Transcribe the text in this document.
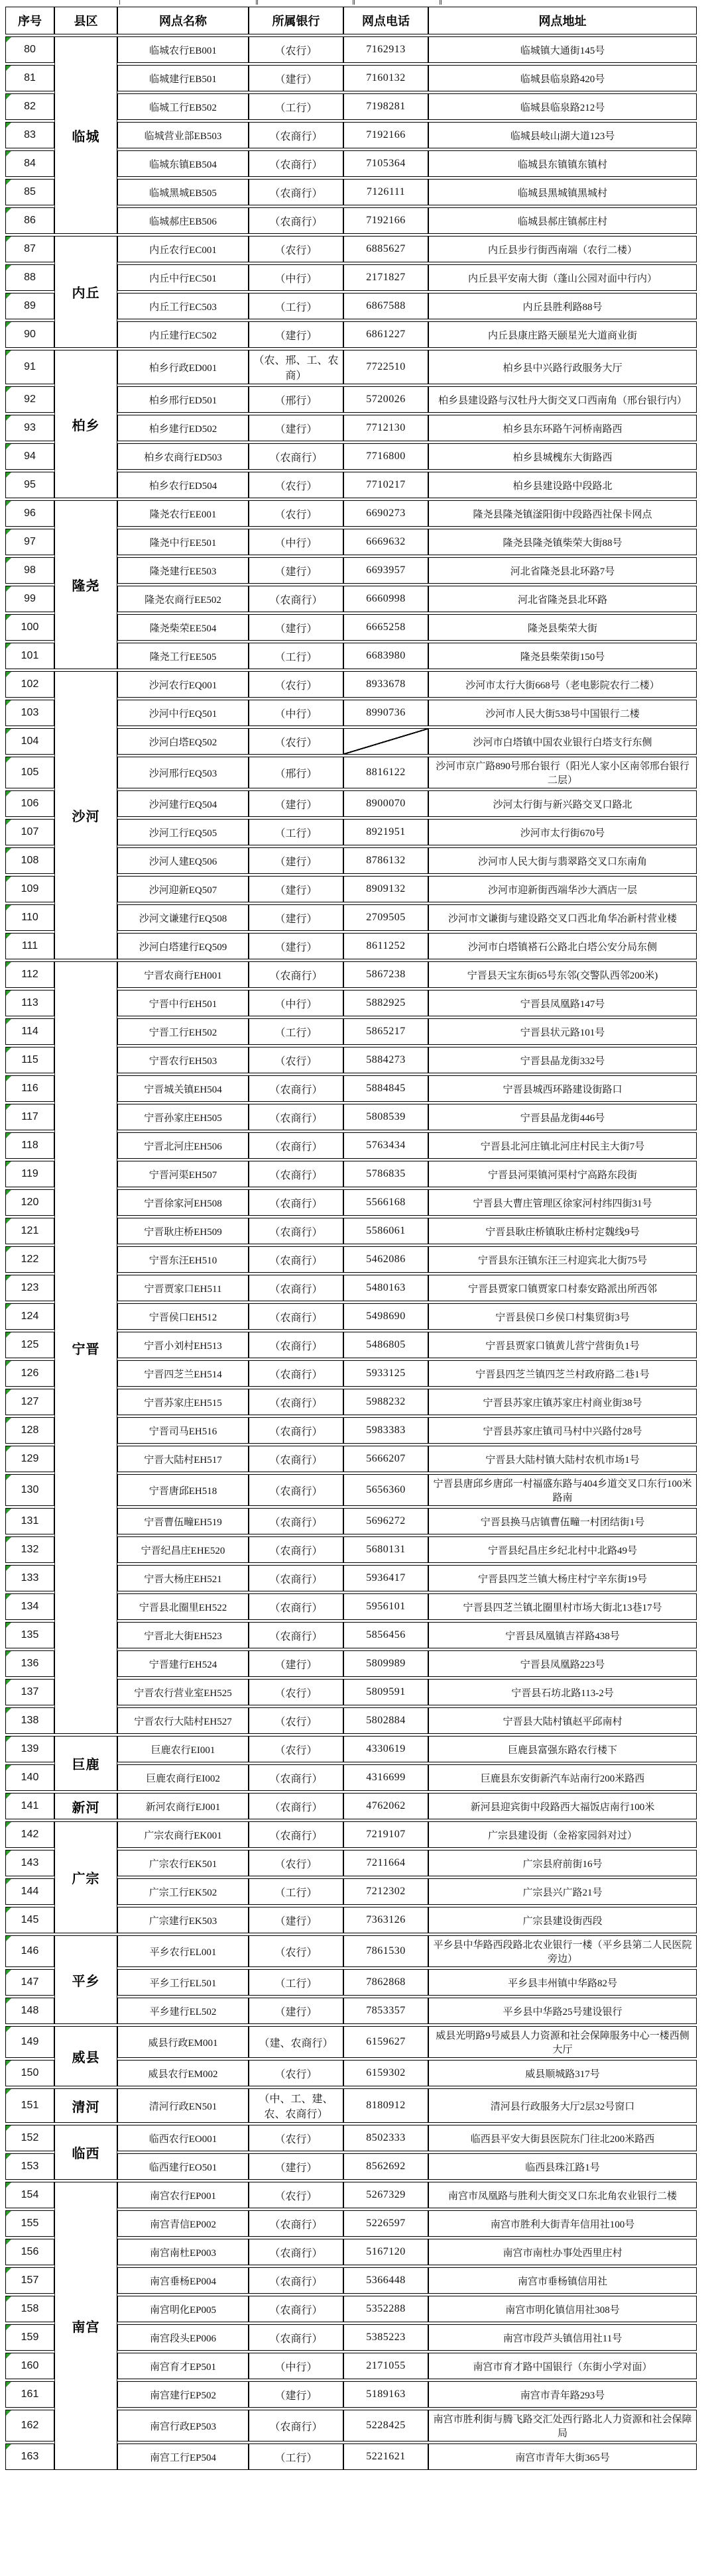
序号	县区	网点名称	所属银行	网点电话	网点地址
80	临城	临城农行EB001	（农行）	7162913	临城镇大通街145号
81		临城建行EB501	（建行）	7160132	临城县临泉路420号
82		临城工行EB502	（工行）	7198281	临城县临泉路212号
83		临城营业部EB503	（农商行）	7192166	临城县岐山湖大道123号
84		临城东镇EB504	（农商行）	7105364	临城县东镇镇东镇村
85		临城黑城EB505	（农商行）	7126111	临城县黑城镇黑城村
86		临城郝庄EB506	（农商行）	7192166	临城县郝庄镇郝庄村
87	内丘	内丘农行EC001	（农行）	6885627	内丘县步行街西南端（农行二楼）
88		内丘中行EC501	（中行）	2171827	内丘县平安南大街（蓬山公园对面中行内）
89		内丘工行EC503	（工行）	6867588	内丘县胜利路88号
90		内丘建行EC502	（建行）	6861227	内丘县康庄路天颐星光大道商业街
91	柏乡	柏乡行政ED001	（农、邢、工、农商）	7722510	柏乡县中兴路行政服务大厅
92		柏乡邢行ED501	（邢行）	5720026	柏乡县建设路与汉牡丹大街交叉口西南角（邢台银行内）
93		柏乡建行ED502	（建行）	7712130	柏乡县东环路午河桥南路西
94		柏乡农商行ED503	（农商行）	7716800	柏乡县城槐东大街路西
95		柏乡农行ED504	（农行）	7710217	柏乡县建设路中段路北
96	隆尧	隆尧农行EE001	（农行）	6690273	隆尧县隆尧镇滏阳街中段路西社保卡网点
97		隆尧中行EE501	（中行）	6669632	隆尧县隆尧镇柴荣大街88号
98		隆尧建行EE503	（建行）	6693957	河北省隆尧县北环路7号
99		隆尧农商行EE502	（农商行）	6660998	河北省隆尧县北环路
100		隆尧柴荣EE504	（建行）	6665258	隆尧县柴荣大街
101		隆尧工行EE505	（工行）	6683980	隆尧县柴荣街150号
102	沙河	沙河农行EQ001	（农行）	8933678	沙河市太行大街668号（老电影院农行二楼）
103		沙河中行EQ501	（中行）	8990736	沙河市人民大街538号中国银行二楼
104		沙河白塔EQ502	（农行）		沙河市白塔镇中国农业银行白塔支行东侧
105		沙河邢行EQ503	（邢行）	8816122	沙河市京广路890号邢台银行（阳光人家小区南邻邢台银行二层）
106		沙河建行EQ504	（建行）	8900070	沙河太行街与新兴路交叉口路北
107		沙河工行EQ505	（工行）	8921951	沙河市太行街670号
108		沙河人建EQ506	（建行）	8786132	沙河市人民大街与翡翠路交叉口东南角
109		沙河迎新EQ507	（建行）	8909132	沙河市迎新街西端华沙大酒店一层
110		沙河文谦建行EQ508	（建行）	2709505	沙河市文谦街与建设路交叉口西北角华冶新村营业楼
111		沙河白塔建行EQ509	（建行）	8611252	沙河市白塔镇褡石公路北白塔公安分局东侧
112	宁晋	宁晋农商行EH001	（农商行）	5867238	宁晋县天宝东街65号东邻(交警队西邻200米)
113		宁晋中行EH501	（中行）	5882925	宁晋县凤凰路147号
114		宁晋工行EH502	（工行）	5865217	宁晋县状元路101号
115		宁晋农行EH503	（农行）	5884273	宁晋县晶龙街332号
116		宁晋城关镇EH504	（农商行）	5884845	宁晋县城西环路建设街路口
117		宁晋孙家庄EH505	（农商行）	5808539	宁晋县晶龙街446号
118		宁晋北河庄EH506	（农商行）	5763434	宁晋县北河庄镇北河庄村民主大街7号
119		宁晋河渠EH507	（农商行）	5786835	宁晋县河渠镇河渠村宁高路东段街
120		宁晋徐家河EH508	（农商行）	5566168	宁晋县大曹庄管理区徐家河村纬四街31号
121		宁晋耿庄桥EH509	（农商行）	5586061	宁晋县耿庄桥镇耿庄桥村定魏线9号
122		宁晋东汪EH510	（农商行）	5462086	宁晋县东汪镇东汪三村迎宾北大街75号
123		宁晋贾家口EH511	（农商行）	5480163	宁晋县贾家口镇贾家口村泰安路派出所西邻
124		宁晋侯口EH512	（农商行）	5498690	宁晋县侯口乡侯口村集贸街3号
125		宁晋小刘村EH513	（农商行）	5486805	宁晋县贾家口镇黄儿营宁营街负1号
126		宁晋四芝兰EH514	（农商行）	5933125	宁晋县四芝兰镇四芝兰村政府路二巷1号
127		宁晋苏家庄EH515	（农商行）	5988232	宁晋县苏家庄镇苏家庄村商业街38号
128		宁晋司马EH516	（农商行）	5983383	宁晋县苏家庄镇司马村中兴路付28号
129		宁晋大陆村EH517	（农商行）	5666207	宁晋县大陆村镇大陆村农机市场1号
130		宁晋唐邱EH518	（农商行）	5656360	宁晋县唐邱乡唐邱一村福盛东路与404乡道交叉口东行100米路南
131		宁晋曹伍疃EH519	（农商行）	5696272	宁晋县换马店镇曹伍疃一村团结街1号
132		宁晋纪昌庄EHE520	（农商行）	5680131	宁晋县纪昌庄乡纪北村中北路49号
133		宁晋大杨庄EH521	（农商行）	5936417	宁晋县四芝兰镇大杨庄村宁辛东街19号
134		宁晋县北圈里EH522	（农商行）	5956101	宁晋县四芝兰镇北圈里村市场大街北13巷17号
135		宁晋北大街EH523	（农商行）	5856456	宁晋县凤凰镇吉祥路438号
136		宁晋建行EH524	（建行）	5809989	宁晋县凤凰路223号
137		宁晋农行营业室EH525	（农行）	5809591	宁晋县石坊北路113-2号
138		宁晋农行大陆村EH527	（农行）	5802884	宁晋县大陆村镇赵平邱南村
139	巨鹿	巨鹿农行EI001	（农行）	4330619	巨鹿县富强东路农行楼下
140		巨鹿农商行EI002	（农商行）	4316699	巨鹿县东安街新汽车站南行200米路西
141	新河	新河农商行EJ001	（农商行）	4762062	新河县迎宾街中段路西大福饭店南行100米
142	广宗	广宗农商行EK001	（农商行）	7219107	广宗县建设街（金裕家园斜对过）
143		广宗农行EK501	（农行）	7211664	广宗县府前街16号
144		广宗工行EK502	（工行）	7212302	广宗县兴广路21号
145		广宗建行EK503	（建行）	7363126	广宗县建设街西段
146	平乡	平乡农行EL001	（农行）	7861530	平乡县中华路西段路北农业银行一楼（平乡县第二人民医院旁边）
147		平乡工行EL501	（工行）	7862868	平乡县丰州镇中华路82号
148		平乡建行EL502	（建行）	7853357	平乡县中华路25号建设银行
149	威县	威县行政EM001	（建、农商行）	6159627	威县光明路9号威县人力资源和社会保障服务中心一楼西侧大厅
150		威县农行EM002	（农行）	6159302	威县顺城路317号
151	清河	清河行政EN501	（中、工、建、农、农商行）	8180912	清河县行政服务大厅2层32号窗口
152	临西	临西农行EO001	（农行）	8502333	临西县平安大街县医院东门往北200米路西
153		临西建行EO501	（建行）	8562692	临西县珠江路1号
154	南宫	南宫农行EP001	（农行）	5267329	南宫市凤凰路与胜利大街交叉口东北角农业银行二楼
155		南宫青信EP002	（农商行）	5226597	南宫市胜利大街青年信用社100号
156		南宫南杜EP003	（农商行）	5167120	南宫市南杜办事处西里庄村
157		南宫垂杨EP004	（农商行）	5366448	南宫市垂杨镇信用社
158		南宫明化EP005	（农商行）	5352288	南宫市明化镇信用社308号
159		南宫段头EP006	（农商行）	5385223	南宫市段芦头镇信用社11号
160		南宫育才EP501	（中行）	2171055	南宫市育才路中国银行（东街小学对面）
161		南宫建行EP502	（建行）	5189163	南宫市青年路293号
162		南宫行政EP503	（农商行）	5228425	南宫市胜利街与腾飞路交汇处西行路北人力资源和社会保障局
163		南宫工行EP504	（工行）	5221621	南宫市青年大街365号
